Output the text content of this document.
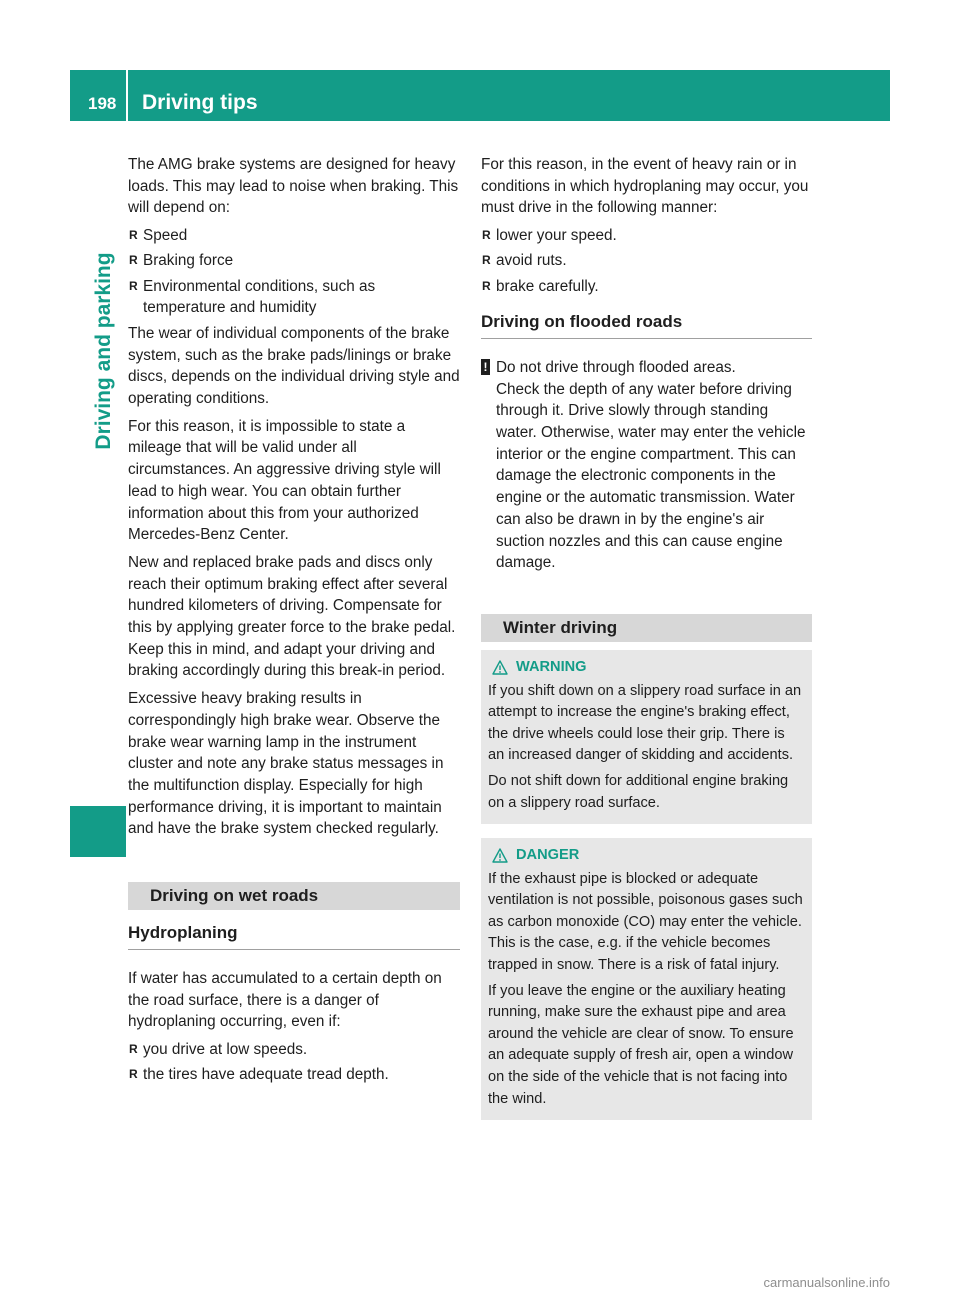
198 Driving tips
Driving and parking

The AMG brake systems are designed for heavy loads. This may lead to noise when braking. This will depend on:

R Speed
R Braking force
R Environmental conditions, such as temperature and humidity

The wear of individual components of the brake system, such as the brake pads/linings or brake discs, depends on the individual driving style and operating conditions.

For this reason, it is impossible to state a mileage that will be valid under all circumstances. An aggressive driving style will lead to high wear. You can obtain further information about this from your authorized Mercedes-Benz Center.

New and replaced brake pads and discs only reach their optimum braking effect after several hundred kilometers of driving. Compensate for this by applying greater force to the brake pedal. Keep this in mind, and adapt your driving and braking accordingly during this break-in period.

Excessive heavy braking results in correspondingly high brake wear. Observe the brake wear warning lamp in the instrument cluster and note any brake status messages in the multifunction display. Especially for high performance driving, it is important to maintain and have the brake system checked regularly.

Driving on wet roads
Hydroplaning

If water has accumulated to a certain depth on the road surface, there is a danger of hydroplaning occurring, even if:

R you drive at low speeds.
R the tires have adequate tread depth.

For this reason, in the event of heavy rain or in conditions in which hydroplaning may occur, you must drive in the following manner:

R lower your speed.
R avoid ruts.
R brake carefully.
Driving on flooded roads
! Do not drive through flooded areas.

Check the depth of any water before driving through it. Drive slowly through standing water. Otherwise, water may enter the vehicle interior or the engine compartment. This can damage the electronic components in the engine or the automatic transmission. Water can also be drawn in by the engine's air suction nozzles and this can cause engine damage.

Winter driving
WARNING

If you shift down on a slippery road surface in an attempt to increase the engine's braking effect, the drive wheels could lose their grip. There is an increased danger of skidding and accidents.

Do not shift down for additional engine braking on a slippery road surface.

DANGER

If the exhaust pipe is blocked or adequate ventilation is not possible, poisonous gases such as carbon monoxide (CO) may enter the vehicle. This is the case, e.g. if the vehicle becomes trapped in snow. There is a risk of fatal injury.

If you leave the engine or the auxiliary heating running, make sure the exhaust pipe and area around the vehicle are clear of snow. To ensure an adequate supply of fresh air, open a window on the side of the vehicle that is not facing into the wind.

carmanualsonline.info
